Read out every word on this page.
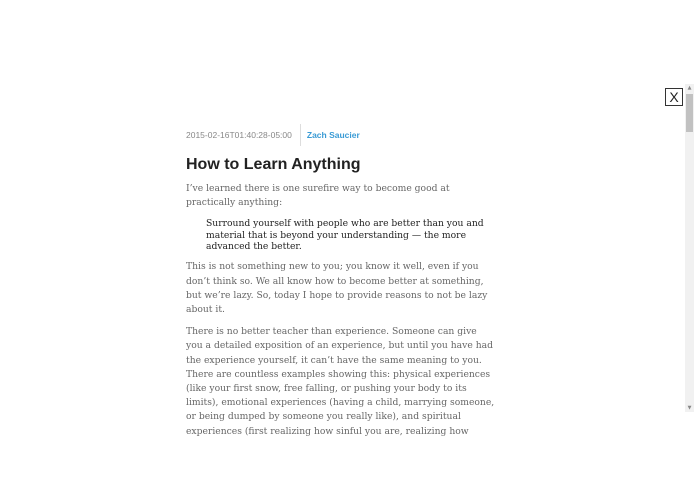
X
▲
▼
2015-02-16T01:40:28-05:00	Zach Saucier
How to Learn Anything

I’ve learned there is one surefire way to become good at practically anything:

Surround yourself with people who are better than you and material that is beyond your understanding — the more advanced the better.

This is not something new to you; you know it well, even if you don’t think so. We all know how to become better at something, but we’re lazy. So, today I hope to provide reasons to not be lazy about it.

There is no better teacher than experience. Someone can give you a detailed exposition of an experience, but until you have had the experience yourself, it can’t have the same meaning to you. There are countless examples showing this: physical experiences (like your first snow, free falling, or pushing your body to its limits), emotional experiences (having a child, marrying someone, or being dumped by someone you really like), and spiritual experiences (first realizing how sinful you are, realizing how
